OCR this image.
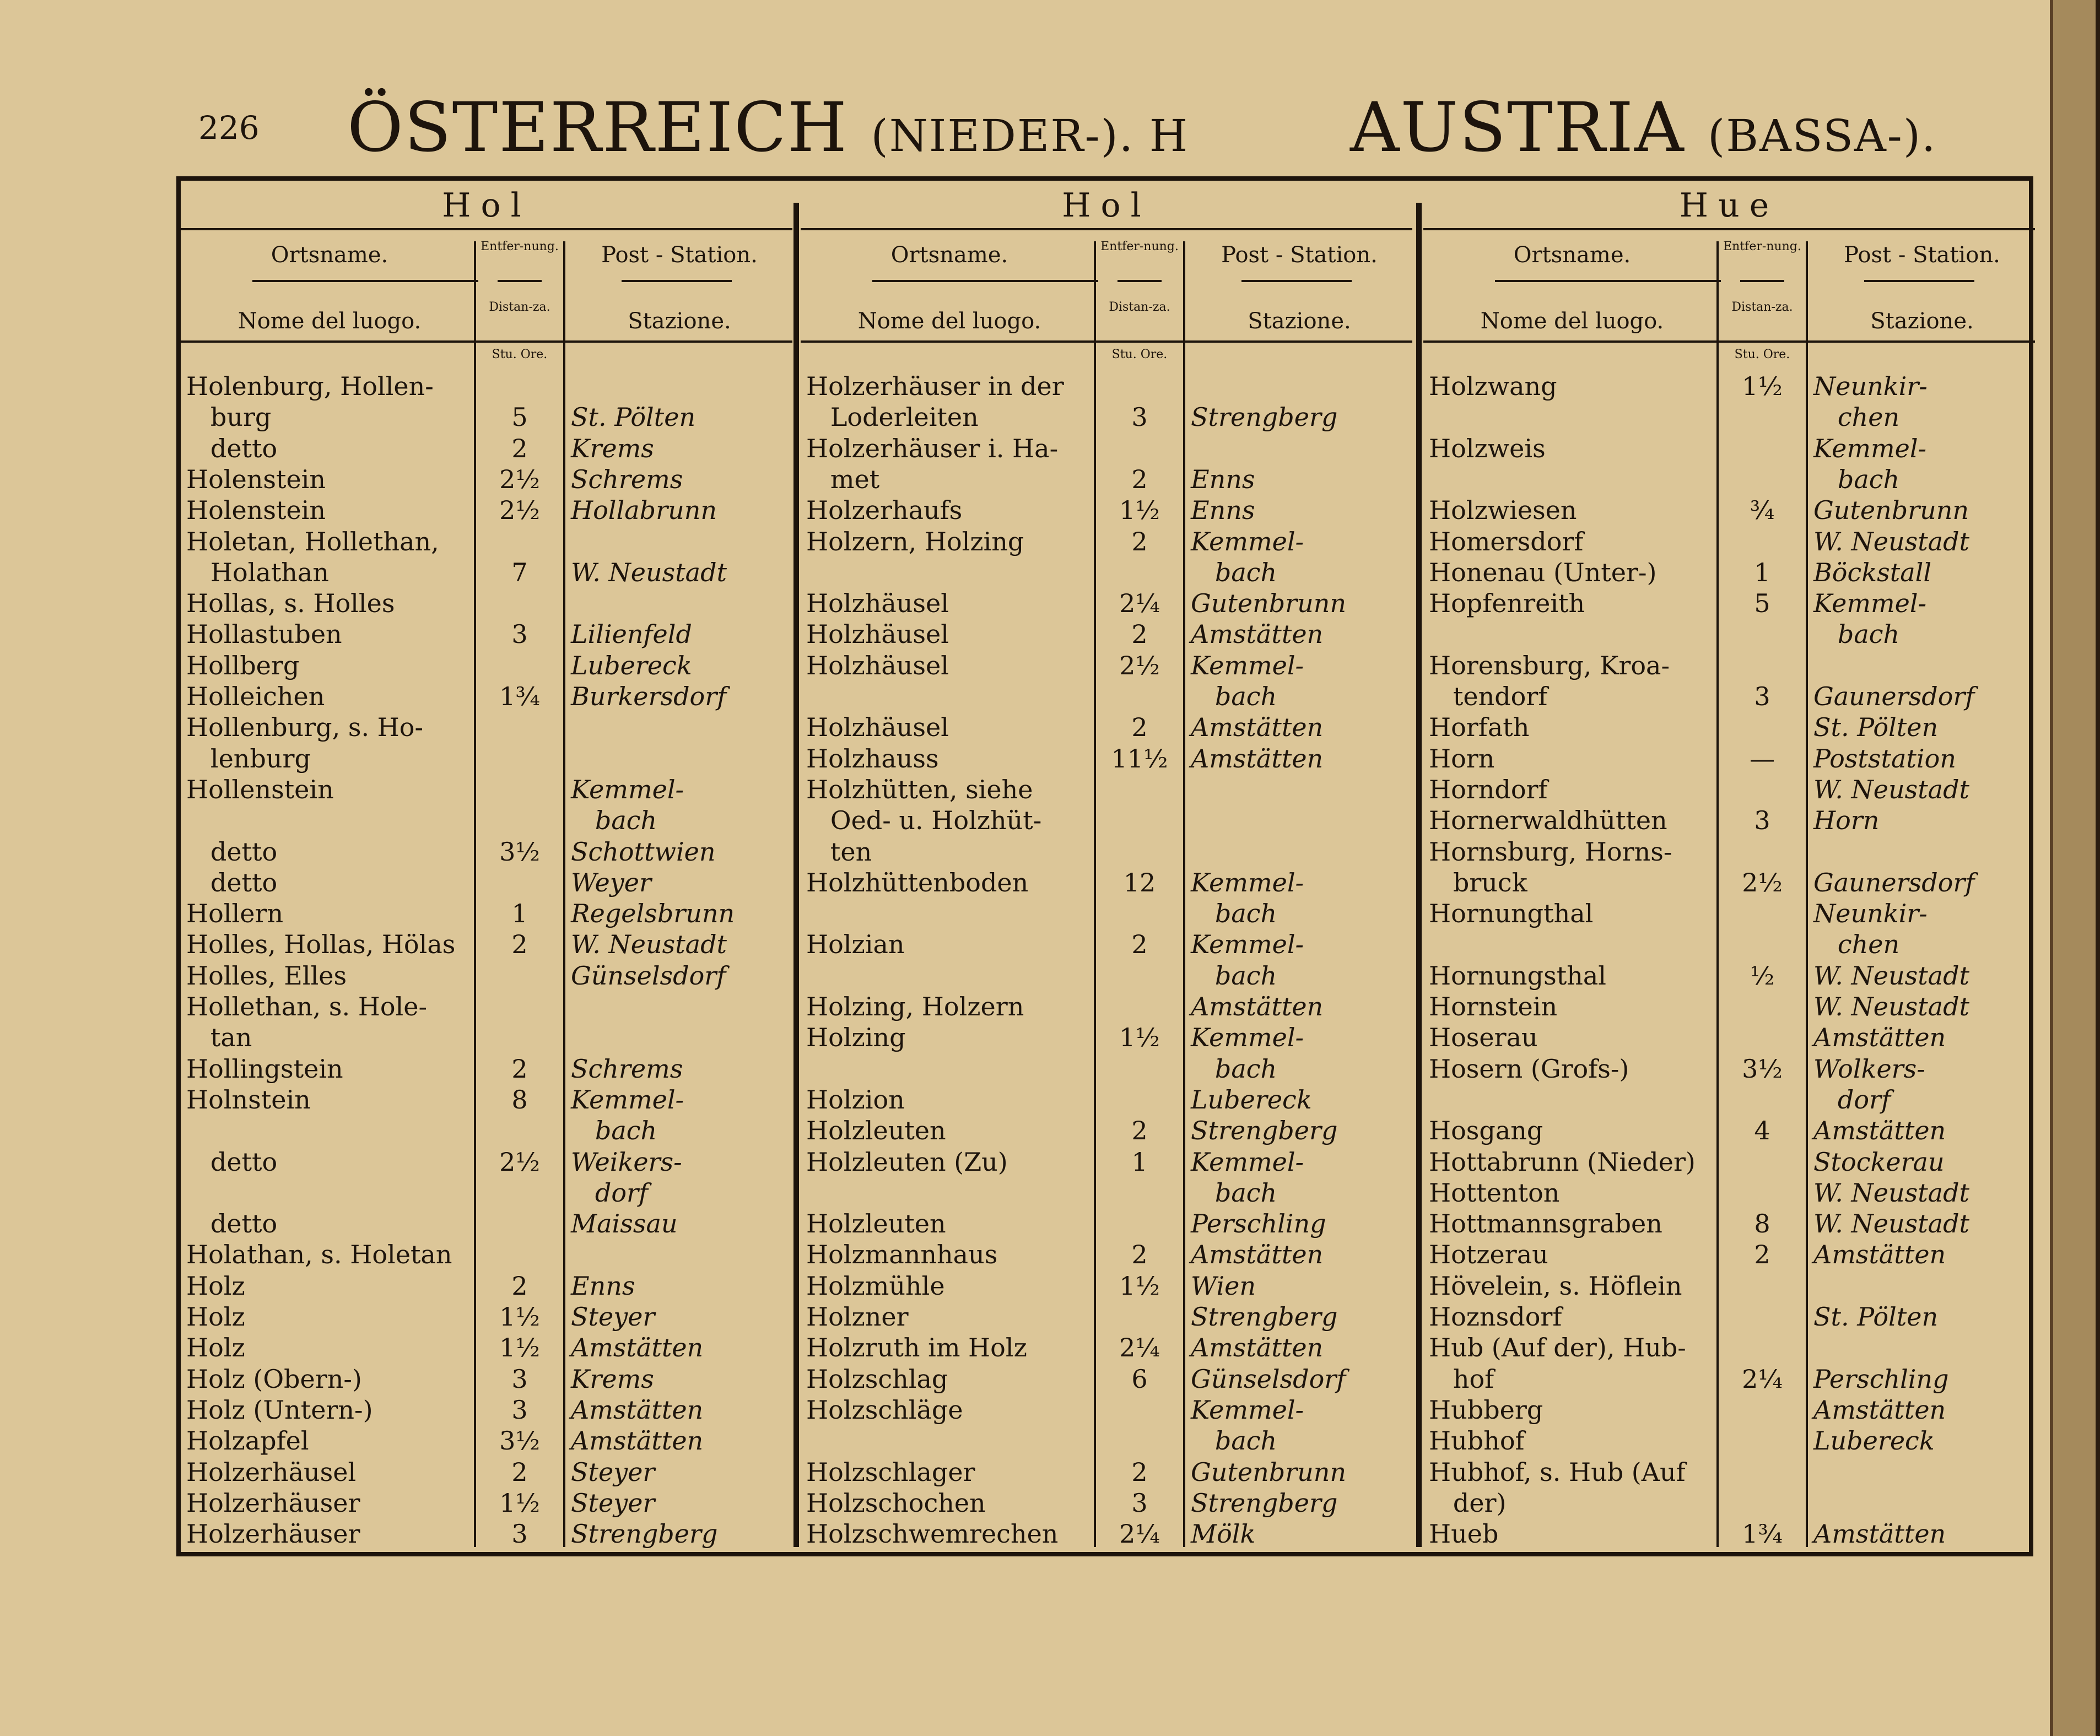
226 ÖSTERREICH (NIEDER-). H AUSTRIA (BASSA-).
Hol
Ortsname.
Nome del luogo.
Entfer-nung.
Distan-za.
Post - Station.
Stazione.
Stu. Ore.
Holenburg, Hollen-
burg	5	St. Pölten
detto	2	Krems
Holenstein	2½	Schrems
Holenstein	2½	Hollabrunn
Holetan, Hollethan,
Holathan	7	W. Neustadt
Hollas, s. Holles
Hollastuben	3	Lilienfeld
Hollberg	Lubereck
Holleichen	1¾	Burkersdorf
Hollenburg, s. Ho-
lenburg
Hollenstein	Kemmel-
bach
detto	3½	Schottwien
detto	Weyer
Hollern	1	Regelsbrunn
Holles, Hollas, Hölas	2	W. Neustadt
Holles, Elles	Günselsdorf
Hollethan, s. Hole-
tan
Hollingstein	2	Schrems
Holnstein	8	Kemmel-
bach
detto	2½	Weikers-
dorf
detto	Maissau
Holathan, s. Holetan
Holz	2	Enns
Holz	1½	Steyer
Holz	1½	Amstätten
Holz (Obern-)	3	Krems
Holz (Untern-)	3	Amstätten
Holzapfel	3½	Amstätten
Holzerhäusel	2	Steyer
Holzerhäuser	1½	Steyer
Holzerhäuser	3	Strengberg
Hol
Ortsname.
Nome del luogo.
Entfer-nung.
Distan-za.
Post - Station.
Stazione.
Stu. Ore.
Holzerhäuser in der
Loderleiten	3	Strengberg
Holzerhäuser i. Ha-
met	2	Enns
Holzerhaufs	1½	Enns
Holzern, Holzing	2	Kemmel-
bach
Holzhäusel	2¼	Gutenbrunn
Holzhäusel	2	Amstätten
Holzhäusel	2½	Kemmel-
bach
Holzhäusel	2	Amstätten
Holzhauss	11½ Amstätten
Holzhütten, siehe
Oed- u. Holzhüt-
ten
Holzhüttenboden	12	Kemmel-
bach
Holzian	2	Kemmel-
bach
Holzing, Holzern	Amstätten
Holzing	1½	Kemmel-
bach
Holzion	Lubereck
Holzleuten	2	Strengberg
Holzleuten (Zu)	1	Kemmel-
bach
Holzleuten	Perschling
Holzmannhaus	2	Amstätten
Holzmühle	1½	Wien
Holzner	Strengberg
Holzruth im Holz	2¼	Amstätten
Holzschlag	6	Günselsdorf
Holzschläge	Kemmel-
bach
Holzschlager	2	Gutenbrunn
Holzschochen	3	Strengberg
Holzschwemrechen	2¼	Mölk
Hue
Ortsname.
Nome del luogo.
Entfer-nung.
Distan-za.
Post - Station.
Stazione.
Stu. Ore.
Holzwang	1½	Neunkir-
chen
Holzweis	Kemmel-
bach
Holzwiesen	¾	Gutenbrunn
Homersdorf	W. Neustadt
Honenau (Unter-)	1	Böckstall
Hopfenreith	5	Kemmel-
bach
Horensburg, Kroa-
tendorf	3	Gaunersdorf
Horfath	St. Pölten
Horn	—	Poststation
Horndorf	W. Neustadt
Hornerwaldhütten	3	Horn
Hornsburg, Horns-
bruck	2½	Gaunersdorf
Hornungthal	Neunkir-
chen
Hornungsthal	½	W. Neustadt
Hornstein	W. Neustadt
Hoserau	Amstätten
Hosern (Grofs-)	3½	Wolkers-
dorf
Hosgang	4	Amstätten
Hottabrunn (Nieder)	Stockerau
Hottenton	W. Neustadt
Hottmannsgraben	8	W. Neustadt
Hotzerau	2	Amstätten
Hövelein, s. Höflein
Hoznsdorf	St. Pölten
Hub (Auf der), Hub-
hof	2¼	Perschling
Hubberg	Amstätten
Hubhof	Lubereck
Hubhof, s. Hub (Auf
der)
Hueb	1¾	Amstätten
